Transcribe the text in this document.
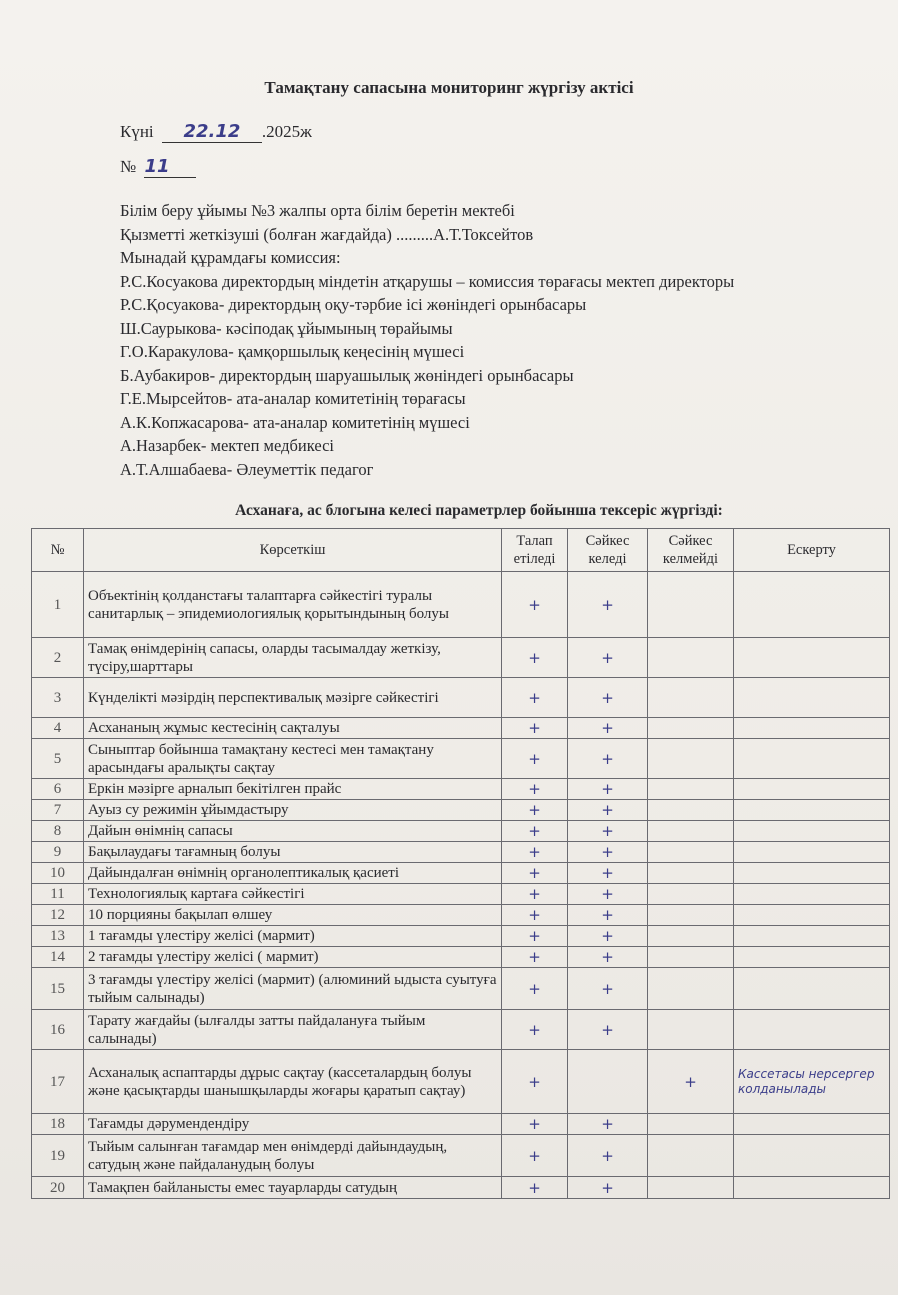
Тамақтану сапасына мониторинг жүргізу актісі
Күні 22.12 .2025ж
№ 11
Білім беру ұйымы №3 жалпы орта білім беретін мектебі
Қызметті жеткізуші (болған жағдайда) .........А.Т.Токсейтов
Мынадай құрамдағы комиссия:
Р.С.Косуакова директордың міндетін атқарушы – комиссия төрағасы мектеп директоры
Р.С.Қосуакова- директордың оқу-тәрбие ісі жөніндегі орынбасары
Ш.Саурыкова- кәсіподақ ұйымының төрайымы
Г.О.Каракулова- қамқоршылық кеңесінің мүшесі
Б.Аубакиров- директордың шаруашылық жөніндегі орынбасары
Г.Е.Мырсейтов- ата-аналар комитетінің төрағасы
А.К.Копжасарова- ата-аналар комитетінің мүшесі
А.Назарбек- мектеп медбикесі
А.Т.Алшабаева- Әлеуметтік педагог
Асханаға, ас блогына келесі параметрлер бойынша тексеріс жүргізді:
№	Көрсеткіш	Талап етіледі	Сәйкес келеді	Сәйкес келмейді	Ескерту
1	Объектінің қолданстағы талаптарға сәйкестігі туралы санитарлық – эпидемиологиялық қорытындының болуы	+	+		
2	Тамақ өнімдерінің сапасы, оларды тасымалдау жеткізу, түсіру,шарттары	+	+		
3	Күнделікті мәзірдің перспективалық мәзірге сәйкестігі	+	+		
4	Асхананың жұмыс кестесінің сақталуы	+	+		
5	Сыныптар бойынша тамақтану кестесі мен тамақтану арасындағы аралықты сақтау	+	+		
6	Еркін мәзірге арналып бекітілген прайс	+	+		
7	Ауыз су режимін ұйымдастыру	+	+		
8	Дайын өнімнің сапасы	+	+		
9	Бақылаудағы тағамның болуы	+	+		
10	Дайындалған өнімнің органолептикалық қасиеті	+	+		
11	Технологиялық картаға сәйкестігі	+	+		
12	10 порцияны бақылап өлшеу	+	+		
13	1 тағамды үлестіру желісі (мармит)	+	+		
14	2 тағамды үлестіру желісі ( мармит)	+	+		
15	3 тағамды үлестіру желісі (мармит) (алюминий ыдыста суытуға тыйым салынады)	+	+		
16	Тарату жағдайы (ылғалды затты пайдалануға тыйым салынады)	+	+		
17	Асханалық аспаптарды дұрыс сақтау (кассеталардың болуы және қасықтарды шанышқыларды жоғары қаратып сақтау)	+		+	Кассетасы нерсергер колданылады
18	Тағамды дәрумендендіру	+	+		
19	Тыйым салынған тағамдар мен өнімдерді дайындаудың, сатудың және пайдаланудың болуы	+	+		
20	Тамақпен байланысты емес тауарларды сатудың	+	+		
